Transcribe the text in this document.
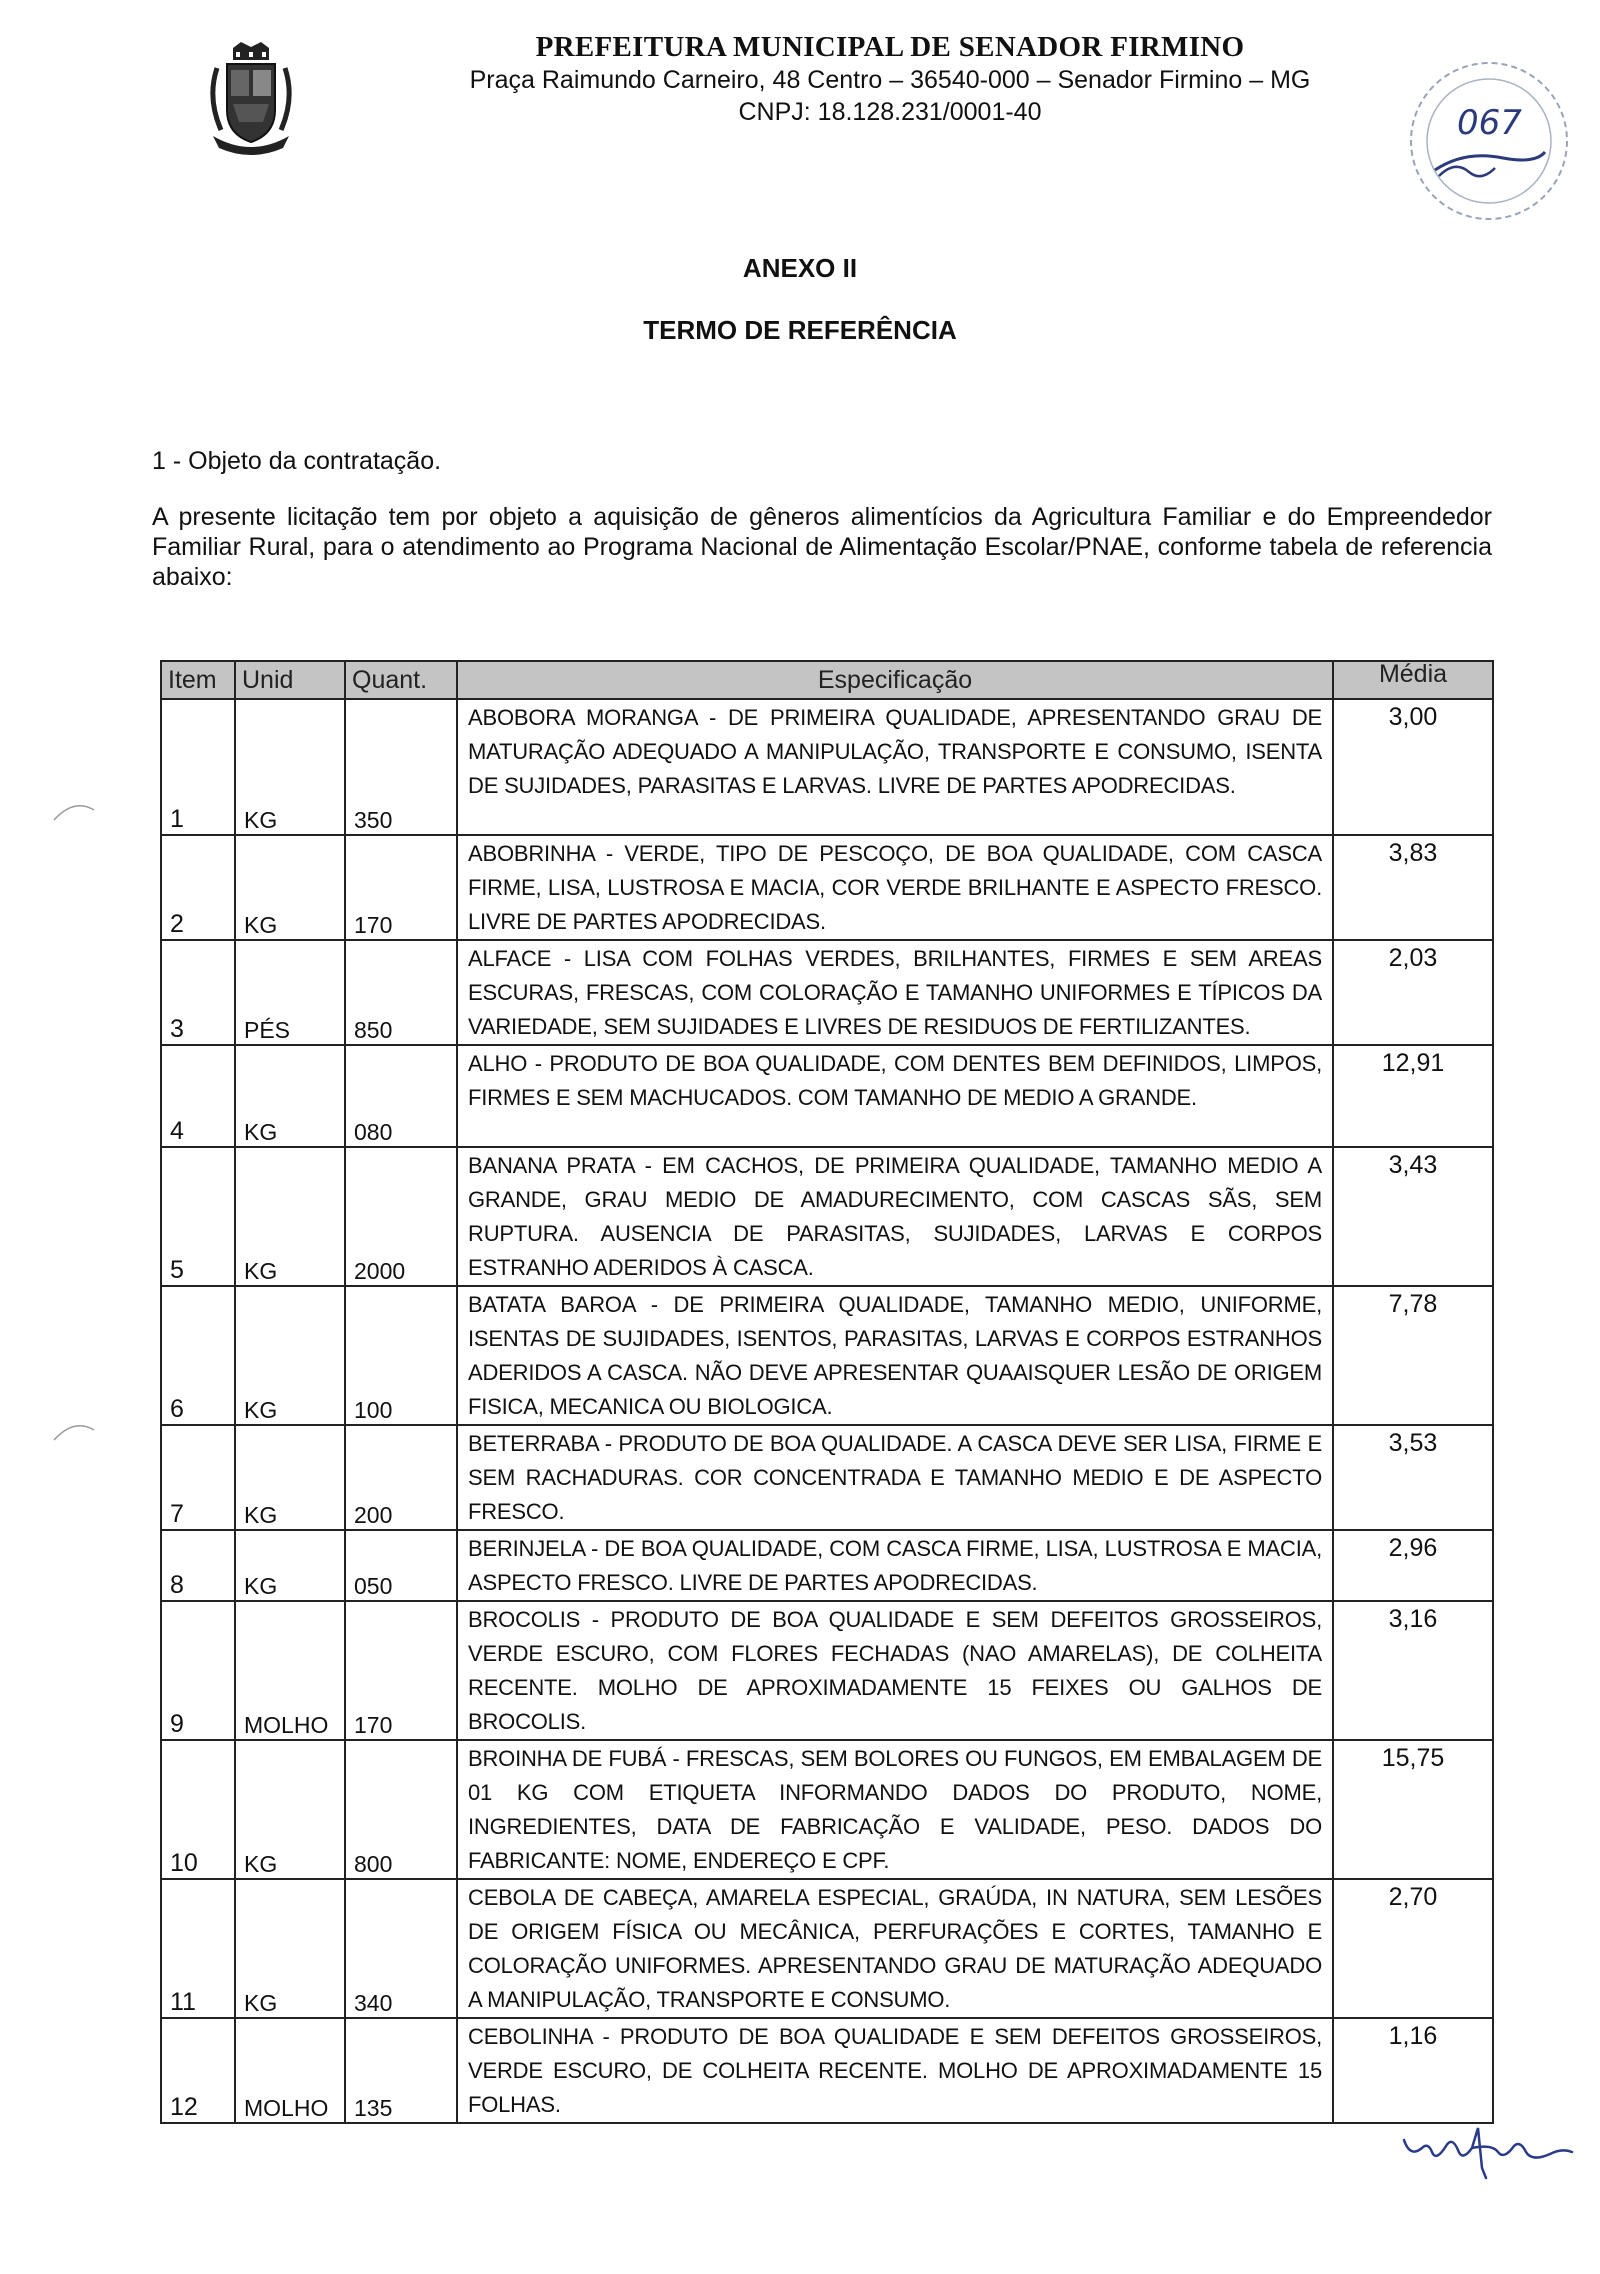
PREFEITURA MUNICIPAL DE SENADOR FIRMINO
Praça Raimundo Carneiro, 48 Centro – 36540-000 – Senador Firmino – MG
CNPJ: 18.128.231/0001-40	067
ANEXO II
TERMO DE REFERÊNCIA
1 - Objeto da contratação.
A presente licitação tem por objeto a aquisição de gêneros alimentícios da Agricultura Familiar e do Empreendedor Familiar Rural, para o atendimento ao Programa Nacional de Alimentação Escolar/PNAE, conforme tabela de referencia abaixo:
Item	Unid	Quant.	Especificação	Média
1	KG	350	ABOBORA MORANGA - DE PRIMEIRA QUALIDADE, APRESENTANDO GRAU DE MATURAÇÃO ADEQUADO A MANIPULAÇÃO, TRANSPORTE E CONSUMO, ISENTA DE SUJIDADES, PARASITAS E LARVAS. LIVRE DE PARTES APODRECIDAS.	3,00
2	KG	170	ABOBRINHA - VERDE, TIPO DE PESCOÇO, DE BOA QUALIDADE, COM CASCA FIRME, LISA, LUSTROSA E MACIA, COR VERDE BRILHANTE E ASPECTO FRESCO. LIVRE DE PARTES APODRECIDAS.	3,83
3	PÉS	850	ALFACE - LISA COM FOLHAS VERDES, BRILHANTES, FIRMES E SEM AREAS ESCURAS, FRESCAS, COM COLORAÇÃO E TAMANHO UNIFORMES E TÍPICOS DA VARIEDADE, SEM SUJIDADES E LIVRES DE RESIDUOS DE FERTILIZANTES.	2,03
4	KG	080	ALHO - PRODUTO DE BOA QUALIDADE, COM DENTES BEM DEFINIDOS, LIMPOS, FIRMES E SEM MACHUCADOS. COM TAMANHO DE MEDIO A GRANDE.	12,91
5	KG	2000	BANANA PRATA - EM CACHOS, DE PRIMEIRA QUALIDADE, TAMANHO MEDIO A GRANDE, GRAU MEDIO DE AMADURECIMENTO, COM CASCAS SÃS, SEM RUPTURA. AUSENCIA DE PARASITAS, SUJIDADES, LARVAS E CORPOS ESTRANHO ADERIDOS À CASCA.	3,43
6	KG	100	BATATA BAROA - DE PRIMEIRA QUALIDADE, TAMANHO MEDIO, UNIFORME, ISENTAS DE SUJIDADES, ISENTOS, PARASITAS, LARVAS E CORPOS ESTRANHOS ADERIDOS A CASCA. NÃO DEVE APRESENTAR QUAAISQUER LESÃO DE ORIGEM FISICA, MECANICA OU BIOLOGICA.	7,78
7	KG	200	BETERRABA - PRODUTO DE BOA QUALIDADE. A CASCA DEVE SER LISA, FIRME E SEM RACHADURAS. COR CONCENTRADA E TAMANHO MEDIO E DE ASPECTO FRESCO.	3,53
8	KG	050	BERINJELA - DE BOA QUALIDADE, COM CASCA FIRME, LISA, LUSTROSA E MACIA, ASPECTO FRESCO. LIVRE DE PARTES APODRECIDAS.	2,96
9	MOLHO	170	BROCOLIS - PRODUTO DE BOA QUALIDADE E SEM DEFEITOS GROSSEIROS, VERDE ESCURO, COM FLORES FECHADAS (NAO AMARELAS), DE COLHEITA RECENTE. MOLHO DE APROXIMADAMENTE 15 FEIXES OU GALHOS DE BROCOLIS.	3,16
10	KG	800	BROINHA DE FUBÁ - FRESCAS, SEM BOLORES OU FUNGOS, EM EMBALAGEM DE 01 KG COM ETIQUETA INFORMANDO DADOS DO PRODUTO, NOME, INGREDIENTES, DATA DE FABRICAÇÃO E VALIDADE, PESO. DADOS DO FABRICANTE: NOME, ENDEREÇO E CPF.	15,75
11	KG	340	CEBOLA DE CABEÇA, AMARELA ESPECIAL, GRAÚDA, IN NATURA, SEM LESÕES DE ORIGEM FÍSICA OU MECÂNICA, PERFURAÇÕES E CORTES, TAMANHO E COLORAÇÃO UNIFORMES. APRESENTANDO GRAU DE MATURAÇÃO ADEQUADO A MANIPULAÇÃO, TRANSPORTE E CONSUMO.	2,70
12	MOLHO	135	CEBOLINHA - PRODUTO DE BOA QUALIDADE E SEM DEFEITOS GROSSEIROS, VERDE ESCURO, DE COLHEITA RECENTE. MOLHO DE APROXIMADAMENTE 15 FOLHAS.	1,16
